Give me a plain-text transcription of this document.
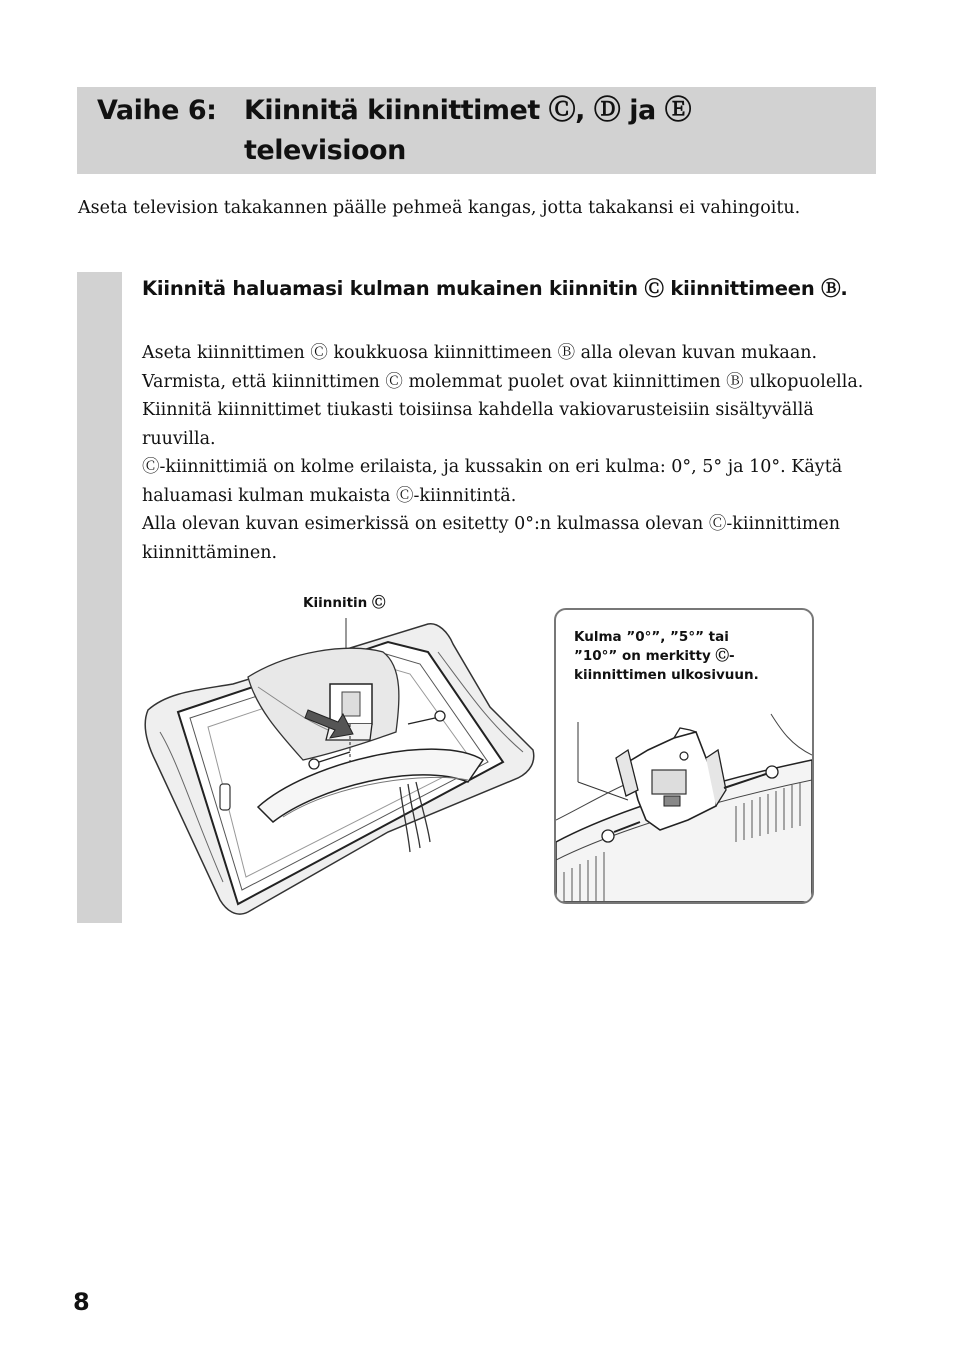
Vaihe 6: Kiinnitä kiinnittimet Ⓒ, Ⓓ ja Ⓔ televisioon
Aseta television takakannen päälle pehmeä kangas, jotta takakansi ei vahingoitu.
Kiinnitä haluamasi kulman mukainen kiinnitin Ⓒ kiinnittimeen Ⓑ.

Aseta kiinnittimen Ⓒ koukkuosa kiinnittimeen Ⓑ alla olevan kuvan mukaan. Varmista, että kiinnittimen Ⓒ molemmat puolet ovat kiinnittimen Ⓑ ulkopuolella. Kiinnitä kiinnittimet tiukasti toisiinsa kahdella vakiovarusteisiin sisältyvällä ruuvilla.

Ⓒ-kiinnittimiä on kolme erilaista, ja kussakin on eri kulma: 0°, 5° ja 10°. Käytä haluamasi kulman mukaista Ⓒ-kiinnitintä.

Alla olevan kuvan esimerkissä on esitetty 0°:n kulmassa olevan Ⓒ-kiinnittimen kiinnittäminen.

Kiinnitin Ⓒ
Kulma ”0°”, ”5°” tai ”10°” on merkitty Ⓒ-kiinnittimen ulkosivuun.
8
